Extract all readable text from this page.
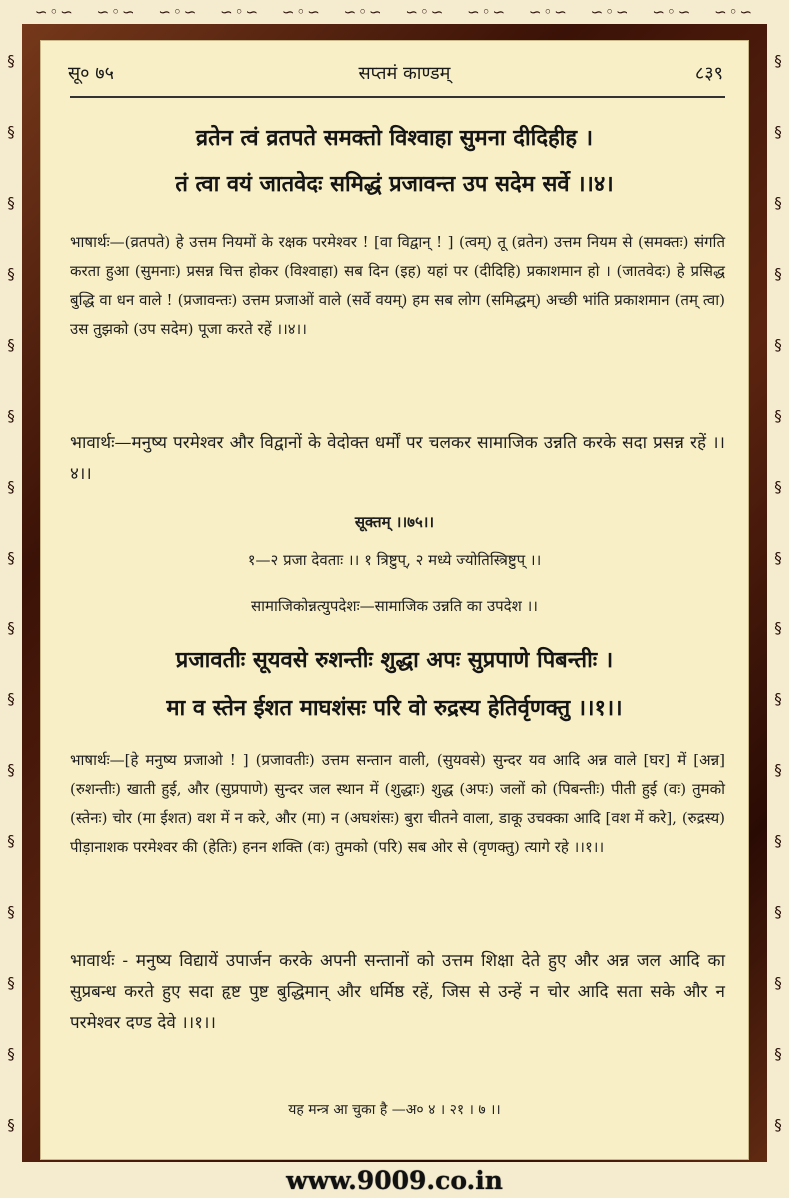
∽◦∽ ∽◦∽ ∽◦∽ ∽◦∽ ∽◦∽ ∽◦∽ ∽◦∽ ∽◦∽ ∽◦∽ ∽◦∽ ∽◦∽ ∽◦∽
§
§
§
§
§
§
§
§
§
§
§
§
§
§
§
§
§
§
§
§
§
§
§
§
§
§
§
§
§
§
§
§
सू० ७५	सप्तमं काण्डम्	८३९
व्रतेन त्वं व्रतपते समक्तो विश्वाहा सुमना दीदिहीह ।
तं त्वा वयं जातवेदः समिद्धं प्रजावन्त उप सदेम सर्वे ।।४।
भाषार्थः—(व्रतपते) हे उत्तम नियमों के रक्षक परमेश्वर ! [वा विद्वान् ! ] (त्वम्) तू (व्रतेन) उत्तम नियम से (समक्तः) संगति करता हुआ (सुमनाः) प्रसन्न चित्त होकर (विश्वाहा) सब दिन (इह) यहां पर (दीदिहि) प्रकाशमान हो । (जातवेदः) हे प्रसिद्ध बुद्धि वा धन वाले ! (प्रजावन्तः) उत्तम प्रजाओं वाले (सर्वे वयम्) हम सब लोग (समिद्धम्) अच्छी भांति प्रकाशमान (तम् त्वा) उस तुझको (उप सदेम) पूजा करते रहें ।।४।।
भावार्थः—मनुष्य परमेश्वर और विद्वानों के वेदोक्त धर्मों पर चलकर सामाजिक उन्नति करके सदा प्रसन्न रहें ।।४।।
सूक्तम् ।।७५।।
१—२ प्रजा देवताः ।। १ त्रिष्टुप्, २ मध्ये ज्योतिस्त्रिष्टुप् ।।
सामाजिकोन्नत्युपदेशः—सामाजिक उन्नति का उपदेश ।।
प्रजावतीः सूयवसे रुशन्तीः शुद्धा अपः सुप्रपाणे पिबन्तीः ।
मा व स्तेन ईशत माघशंसः परि वो रुद्रस्य हेतिर्वृणक्तु ।।१।।
भाषार्थः—[हे मनुष्य प्रजाओ ! ] (प्रजावतीः) उत्तम सन्तान वाली, (सुयवसे) सुन्दर यव आदि अन्न वाले [घर] में [अन्न] (रुशन्तीः) खाती हुई, और (सुप्रपाणे) सुन्दर जल स्थान में (शुद्धाः) शुद्ध (अपः) जलों को (पिबन्तीः) पीती हुई (वः) तुमको (स्तेनः) चोर (मा ईशत) वश में न करे, और (मा) न (अघशंसः) बुरा चीतने वाला, डाकू उचक्का आदि [वश में करे], (रुद्रस्य) पीड़ानाशक परमेश्वर की (हेतिः) हनन शक्ति (वः) तुमको (परि) सब ओर से (वृणक्तु) त्यागे रहे ।।१।।
भावार्थः - मनुष्य विद्यायें उपार्जन करके अपनी सन्तानों को उत्तम शिक्षा देते हुए और अन्न जल आदि का सुप्रबन्ध करते हुए सदा हृष्ट पुष्ट बुद्धिमान् और धर्मिष्ठ रहें, जिस से उन्हें न चोर आदि सता सके और न परमेश्वर दण्ड देवे ।।१।।
यह मन्त्र आ चुका है —अ० ४ । २१ । ७ ।।
www.9009.co.in
